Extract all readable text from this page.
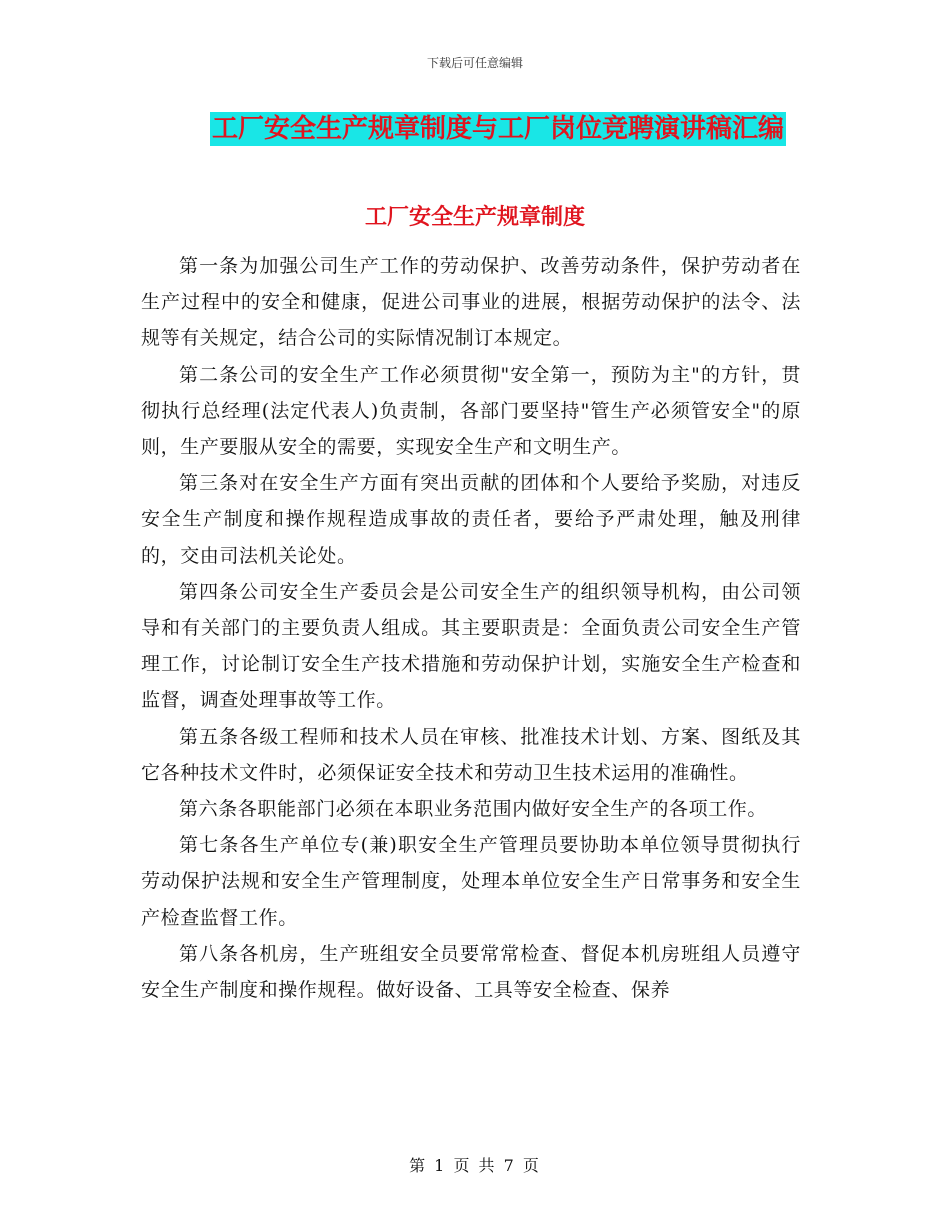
下载后可任意编辑
工厂安全生产规章制度与工厂岗位竞聘演讲稿汇编
工厂安全生产规章制度

第一条为加强公司生产工作的劳动保护、改善劳动条件，保护劳动者在生产过程中的安全和健康，促进公司事业的进展，根据劳动保护的法令、法规等有关规定，结合公司的实际情况制订本规定。

第二条公司的安全生产工作必须贯彻"安全第一，预防为主"的方针，贯彻执行总经理(法定代表人)负责制，各部门要坚持"管生产必须管安全"的原则，生产要服从安全的需要，实现安全生产和文明生产。

第三条对在安全生产方面有突出贡献的团体和个人要给予奖励，对违反安全生产制度和操作规程造成事故的责任者，要给予严肃处理，触及刑律的，交由司法机关论处。

第四条公司安全生产委员会是公司安全生产的组织领导机构，由公司领导和有关部门的主要负责人组成。其主要职责是：全面负责公司安全生产管理工作，讨论制订安全生产技术措施和劳动保护计划，实施安全生产检查和监督，调查处理事故等工作。

第五条各级工程师和技术人员在审核、批准技术计划、方案、图纸及其它各种技术文件时，必须保证安全技术和劳动卫生技术运用的准确性。

第六条各职能部门必须在本职业务范围内做好安全生产的各项工作。

第七条各生产单位专(兼)职安全生产管理员要协助本单位领导贯彻执行劳动保护法规和安全生产管理制度，处理本单位安全生产日常事务和安全生产检查监督工作。

第八条各机房，生产班组安全员要常常检查、督促本机房班组人员遵守安全生产制度和操作规程。做好设备、工具等安全检查、保养

第 1 页 共 7 页
